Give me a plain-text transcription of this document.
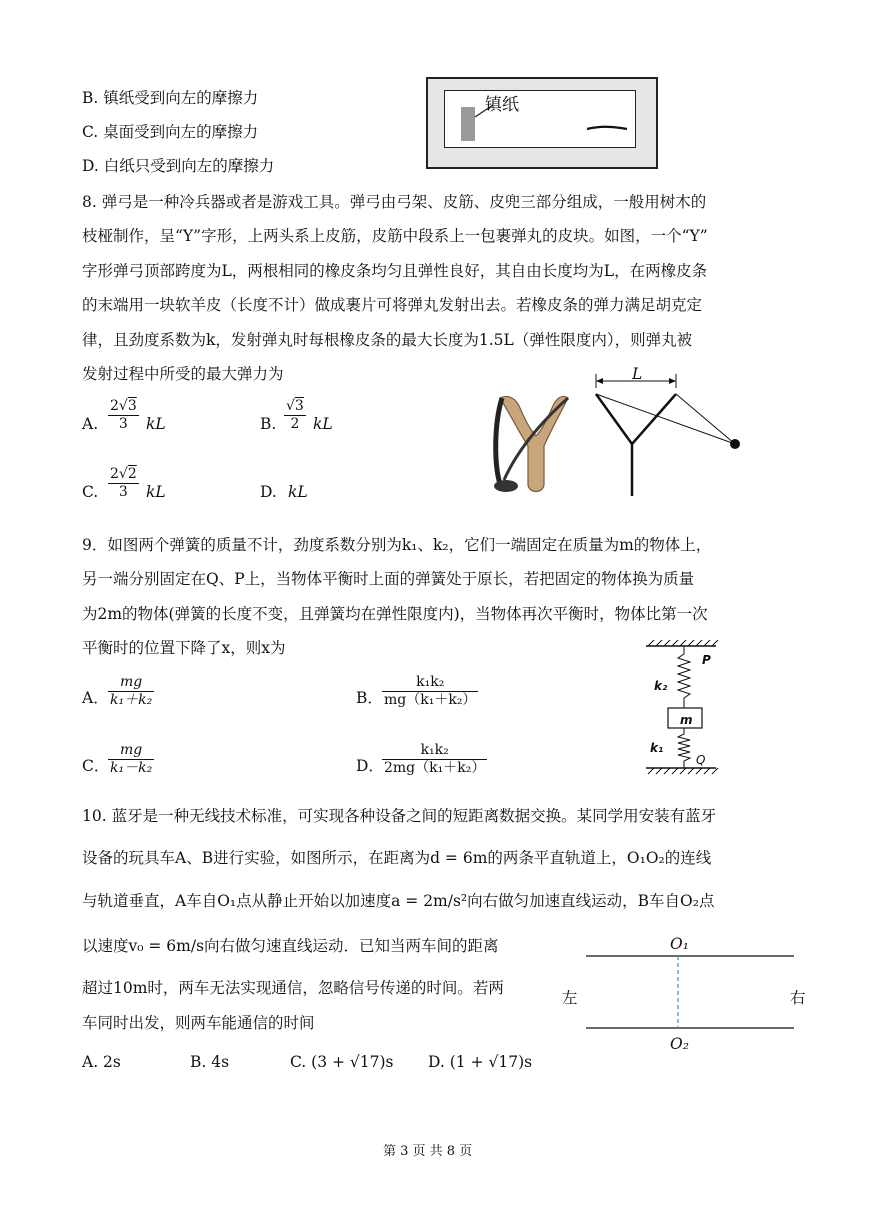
B. 镇纸受到向左的摩擦力
C. 桌面受到向左的摩擦力
D. 白纸只受到向左的摩擦力
镇纸
8. 弹弓是一种冷兵器或者是游戏工具。弹弓由弓架、皮筋、皮兜三部分组成，一般用树木的
枝桠制作，呈“Y”字形，上两头系上皮筋，皮筋中段系上一包裹弹丸的皮块。如图，一个“Y”
字形弹弓顶部跨度为L，两根相同的橡皮条均匀且弹性良好，其自由长度均为L，在两橡皮条
的末端用一块软羊皮（长度不计）做成裹片可将弹丸发射出去。若橡皮条的弹力满足胡克定
律，且劲度系数为k，发射弹丸时每根橡皮条的最大长度为1.5L（弹性限度内），则弹丸被
发射过程中所受的最大弹力为
A.
2√3
3 kL	B.
√3
2 kL
C.
2√2
3 kL	D. kL
L
9．如图两个弹簧的质量不计，劲度系数分别为k₁、k₂，它们一端固定在质量为m的物体上，
另一端分别固定在Q、P上，当物体平衡时上面的弹簧处于原长，若把固定的物体换为质量
为2m的物体(弹簧的长度不变，且弹簧均在弹性限度内)，当物体再次平衡时，物体比第一次
平衡时的位置下降了x，则x为
A．
mg
k₁＋k₂	B．
k₁k₂
mg（k₁＋k₂）
C．
mg
k₁－k₂	D．
k₁k₂
2mg（k₁＋k₂）
P
k₂
m
k₁
Q
10. 蓝牙是一种无线技术标准，可实现各种设备之间的短距离数据交换。某同学用安装有蓝牙
设备的玩具车A、B进行实验，如图所示，在距离为d = 6m的两条平直轨道上，O₁O₂的连线
与轨道垂直，A车自O₁点从静止开始以加速度a = 2m/s²向右做匀加速直线运动，B车自O₂点
以速度v₀ = 6m/s向右做匀速直线运动．已知当两车间的距离
超过10m时，两车无法实现通信，忽略信号传递的时间。若两
车同时出发，则两车能通信的时间
A. 2s	B. 4s	C. (3 + √17)s D. (1 + √17)s
O₁
O₂
左	右
第 3 页 共 8 页
